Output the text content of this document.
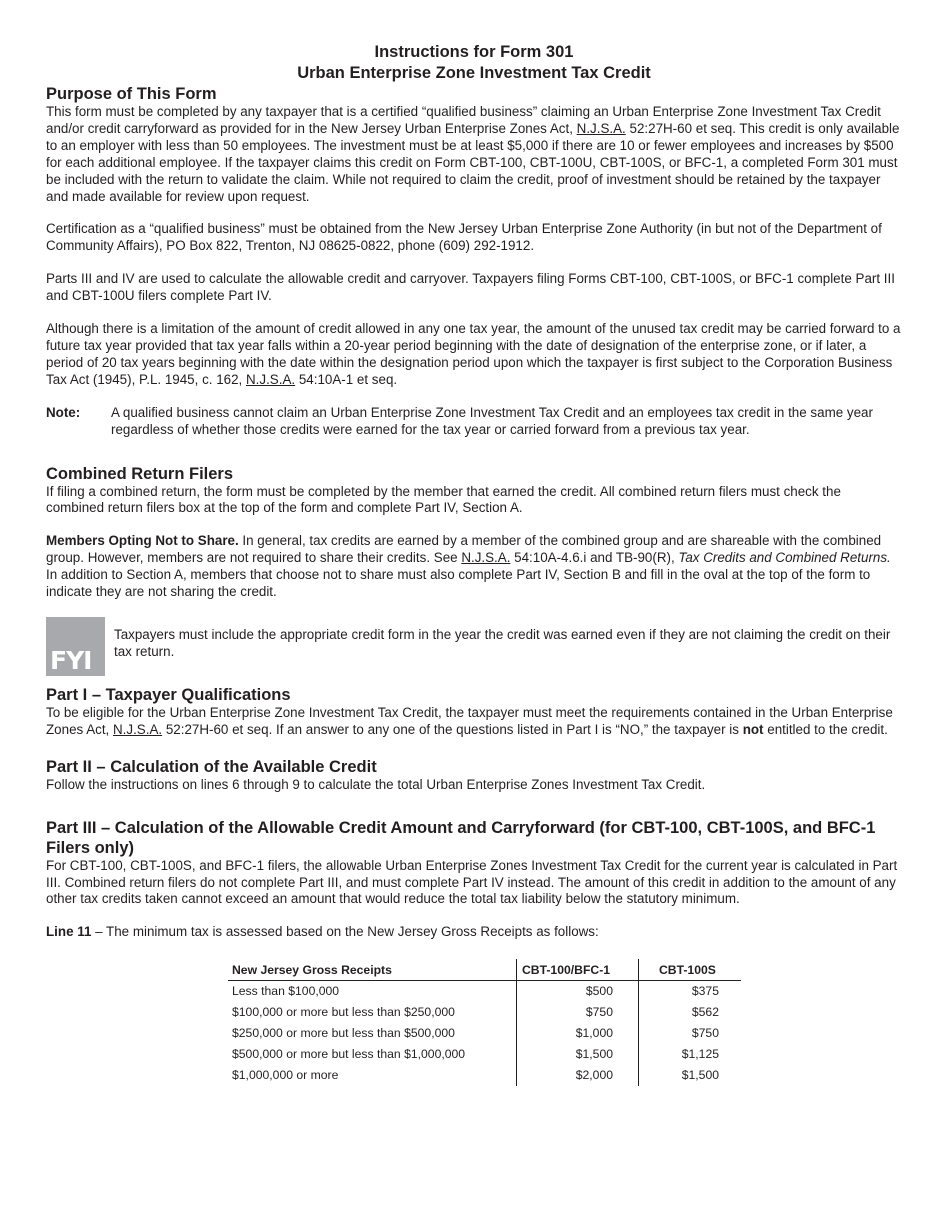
Instructions for Form 301
Urban Enterprise Zone Investment Tax Credit
Purpose of This Form

This form must be completed by any taxpayer that is a certified “qualified business” claiming an Urban Enterprise Zone Investment Tax Credit and/or credit carryforward as provided for in the New Jersey Urban Enterprise Zones Act, N.J.S.A. 52:27H-60 et seq. This credit is only available to an employer with less than 50 employees. The investment must be at least $5,000 if there are 10 or fewer employees and increases by $500 for each additional employee. If the taxpayer claims this credit on Form CBT-100, CBT-100U, CBT-100S, or BFC-1, a completed Form 301 must be included with the return to validate the claim. While not required to claim the credit, proof of investment should be retained by the taxpayer and made available for review upon request.

Certification as a “qualified business” must be obtained from the New Jersey Urban Enterprise Zone Authority (in but not of the Department of Community Affairs), PO Box 822, Trenton, NJ 08625-0822, phone (609) 292-1912.

Parts III and IV are used to calculate the allowable credit and carryover. Taxpayers filing Forms CBT-100, CBT-100S, or BFC-1 complete Part III and CBT-100U filers complete Part IV.

Although there is a limitation of the amount of credit allowed in any one tax year, the amount of the unused tax credit may be carried forward to a future tax year provided that tax year falls within a 20-year period beginning with the date of designation of the enterprise zone, or if later, a period of 20 tax years beginning with the date within the designation period upon which the taxpayer is first subject to the Corporation Business Tax Act (1945), P.L. 1945, c. 162, N.J.S.A. 54:10A-1 et seq.

Note:	A qualified business cannot claim an Urban Enterprise Zone Investment Tax Credit and an employees tax credit in the same year regardless of whether those credits were earned for the tax year or carried forward from a previous tax year.
Combined Return Filers

If filing a combined return, the form must be completed by the member that earned the credit. All combined return filers must check the combined return filers box at the top of the form and complete Part IV, Section A.

Members Opting Not to Share. In general, tax credits are earned by a member of the combined group and are shareable with the combined group. However, members are not required to share their credits. See N.J.S.A. 54:10A-4.6.i and TB-90(R), Tax Credits and Combined Returns. In addition to Section A, members that choose not to share must also complete Part IV, Section B and fill in the oval at the top of the form to indicate they are not sharing the credit.

FYI
Taxpayers must include the appropriate credit form in the year the credit was earned even if they are not claiming the credit on their tax return.
Part I – Taxpayer Qualifications

To be eligible for the Urban Enterprise Zone Investment Tax Credit, the taxpayer must meet the requirements contained in the Urban Enterprise Zones Act, N.J.S.A. 52:27H-60 et seq. If an answer to any one of the questions listed in Part I is “NO,” the taxpayer is not entitled to the credit.

Part II – Calculation of the Available Credit

Follow the instructions on lines 6 through 9 to calculate the total Urban Enterprise Zones Investment Tax Credit.

Part III – Calculation of the Allowable Credit Amount and Carryforward (for CBT-100, CBT-100S, and BFC-1 Filers only)

For CBT-100, CBT-100S, and BFC-1 filers, the allowable Urban Enterprise Zones Investment Tax Credit for the current year is calculated in Part III. Combined return filers do not complete Part III, and must complete Part IV instead. The amount of this credit in addition to the amount of any other tax credits taken cannot exceed an amount that would reduce the total tax liability below the statutory minimum.

Line 11 – The minimum tax is assessed based on the New Jersey Gross Receipts as follows:

New Jersey Gross Receipts	CBT-100/BFC-1	CBT-100S
Less than $100,000	$500	$375
$100,000 or more but less than $250,000	$750	$562
$250,000 or more but less than $500,000	$1,000	$750
$500,000 or more but less than $1,000,000	$1,500	$1,125
$1,000,000 or more	$2,000	$1,500
